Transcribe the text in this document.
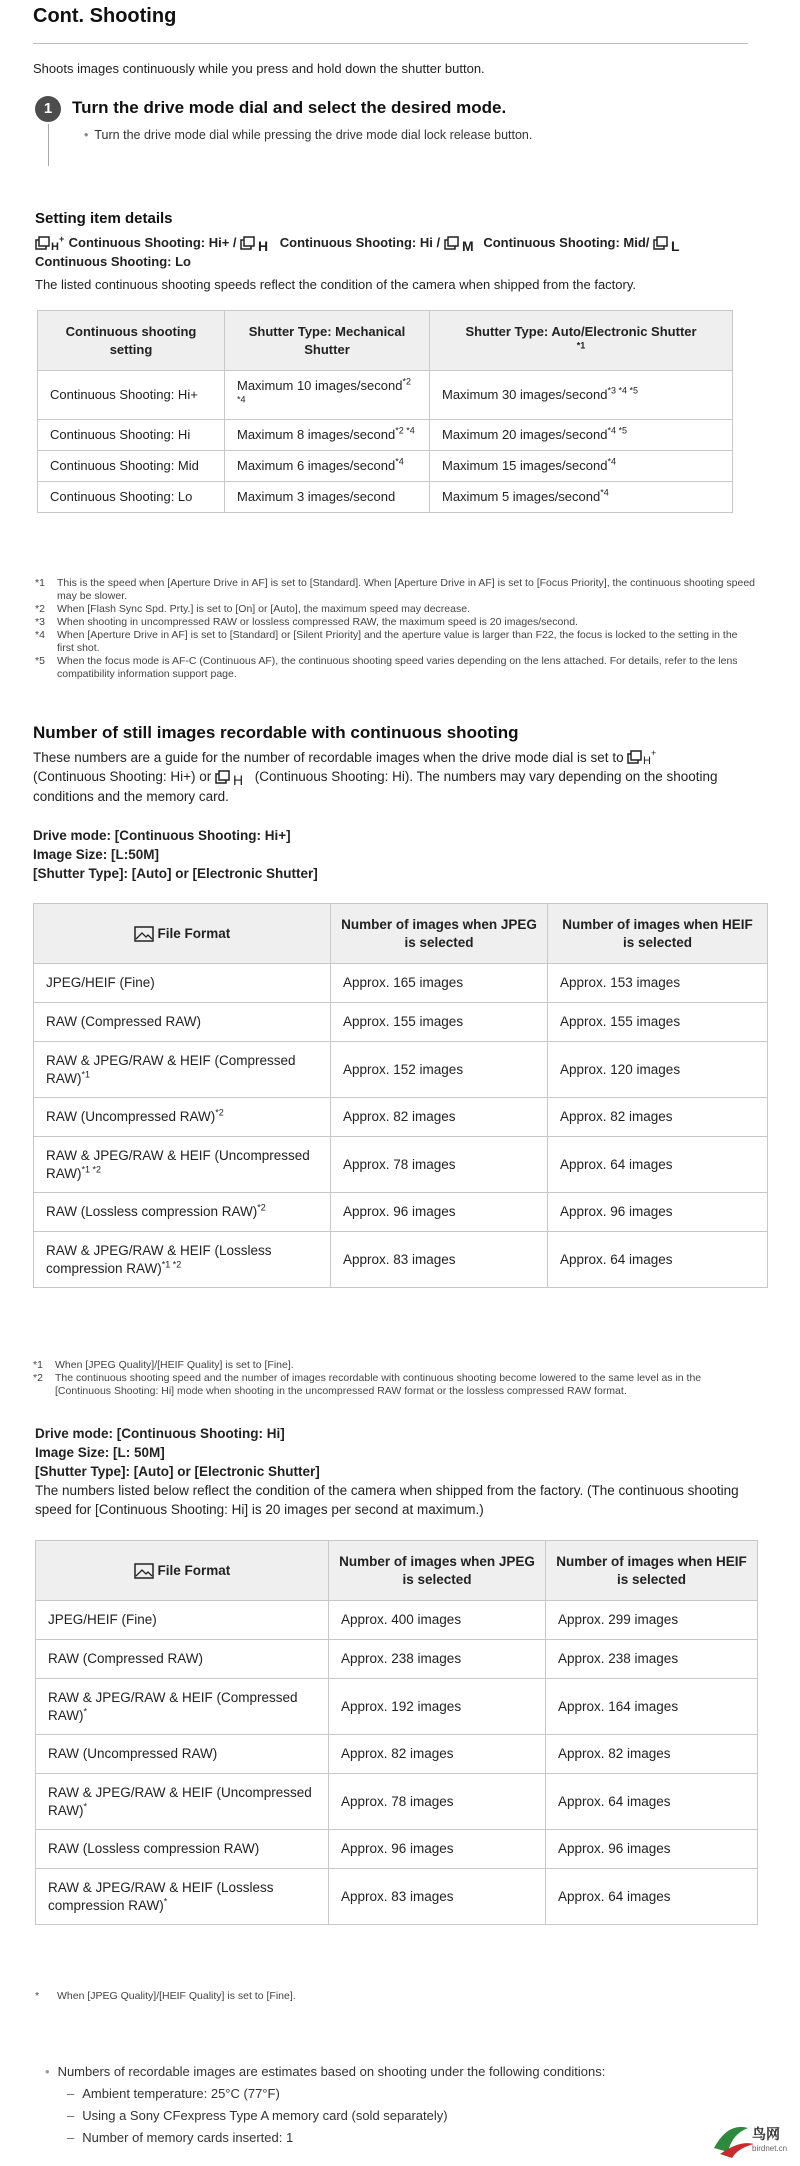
Cont. Shooting
Shoots images continuously while you press and hold down the shutter button.
1	Turn the drive mode dial and select the desired mode.
• Turn the drive mode dial while pressing the drive mode dial lock release button.
Setting item details
H
+ Continuous Shooting: Hi+ / H Continuous Shooting: Hi / M Continuous Shooting: Mid/ L

Continuous Shooting: Lo
The listed continuous shooting speeds reflect the condition of the camera when shipped from the factory.
Continuous shooting setting	Shutter Type: Mechanical Shutter	Shutter Type: Auto/Electronic Shutter
$^{*1}$
Continuous Shooting: Hi+	Maximum 10 images/second$^{*2 *4}$	Maximum 30 images/second$^{*3 *4 *5}$
Continuous Shooting: Hi	Maximum 8 images/second$^{*2 *4}$	Maximum 20 images/second$^{*4 *5}$
Continuous Shooting: Mid	Maximum 6 images/second$^{*4}$	Maximum 15 images/second$^{*4}$
Continuous Shooting: Lo	Maximum 3 images/second	Maximum 5 images/second$^{*4}$
*1 This is the speed when [Aperture Drive in AF] is set to [Standard]. When [Aperture Drive in AF] is set to [Focus Priority], the continuous shooting speed may be slower.
*2 When [Flash Sync Spd. Prty.] is set to [On] or [Auto], the maximum speed may decrease.
*3 When shooting in uncompressed RAW or lossless compressed RAW, the maximum speed is 20 images/second.
*4 When [Aperture Drive in AF] is set to [Standard] or [Silent Priority] and the aperture value is larger than F22, the focus is locked to the setting in the first shot.
*5 When the focus mode is AF-C (Continuous AF), the continuous shooting speed varies depending on the lens attached. For details, refer to the lens compatibility information support page.
Number of still images recordable with continuous shooting
These numbers are a guide for the number of recordable images when the drive mode dial is set to H
+

(Continuous Shooting: Hi+) or H (Continuous Shooting: Hi). The numbers may vary depending on the shooting
conditions and the memory card.
Drive mode: [Continuous Shooting: Hi+]
Image Size: [L:50M]
[Shutter Type]: [Auto] or [Electronic Shutter]
File Format	Number of images when JPEG is selected	Number of images when HEIF is selected
JPEG/HEIF (Fine)	Approx. 165 images	Approx. 153 images
RAW (Compressed RAW)	Approx. 155 images	Approx. 155 images
RAW & JPEG/RAW & HEIF (Compressed RAW)$^{*1}$	Approx. 152 images	Approx. 120 images
RAW (Uncompressed RAW)$^{*2}$	Approx. 82 images	Approx. 82 images
RAW & JPEG/RAW & HEIF (Uncompressed RAW)$^{*1 *2}$	Approx. 78 images	Approx. 64 images
RAW (Lossless compression RAW)$^{*2}$	Approx. 96 images	Approx. 96 images
RAW & JPEG/RAW & HEIF (Lossless compression RAW)$^{*1 *2}$	Approx. 83 images	Approx. 64 images
*1 When [JPEG Quality]/[HEIF Quality] is set to [Fine].
*2 The continuous shooting speed and the number of images recordable with continuous shooting become lowered to the same level as in the [Continuous Shooting: Hi] mode when shooting in the uncompressed RAW format or the lossless compressed RAW format.
Drive mode: [Continuous Shooting: Hi]
Image Size: [L: 50M]
[Shutter Type]: [Auto] or [Electronic Shutter]
The numbers listed below reflect the condition of the camera when shipped from the factory. (The continuous shooting speed for [Continuous Shooting: Hi] is 20 images per second at maximum.)
File Format	Number of images when JPEG is selected	Number of images when HEIF is selected
JPEG/HEIF (Fine)	Approx. 400 images	Approx. 299 images
RAW (Compressed RAW)	Approx. 238 images	Approx. 238 images
RAW & JPEG/RAW & HEIF (Compressed RAW)*	Approx. 192 images	Approx. 164 images
RAW (Uncompressed RAW)	Approx. 82 images	Approx. 82 images
RAW & JPEG/RAW & HEIF (Uncompressed RAW)*	Approx. 78 images	Approx. 64 images
RAW (Lossless compression RAW)	Approx. 96 images	Approx. 96 images
RAW & JPEG/RAW & HEIF (Lossless compression RAW)*	Approx. 83 images	Approx. 64 images
* When [JPEG Quality]/[HEIF Quality] is set to [Fine].
• Numbers of recordable images are estimates based on shooting under the following conditions:
– Ambient temperature: 25°C (77°F)
– Using a Sony CFexpress Type A memory card (sold separately)
– Number of memory cards inserted: 1	鸟网
birdnet.cn
